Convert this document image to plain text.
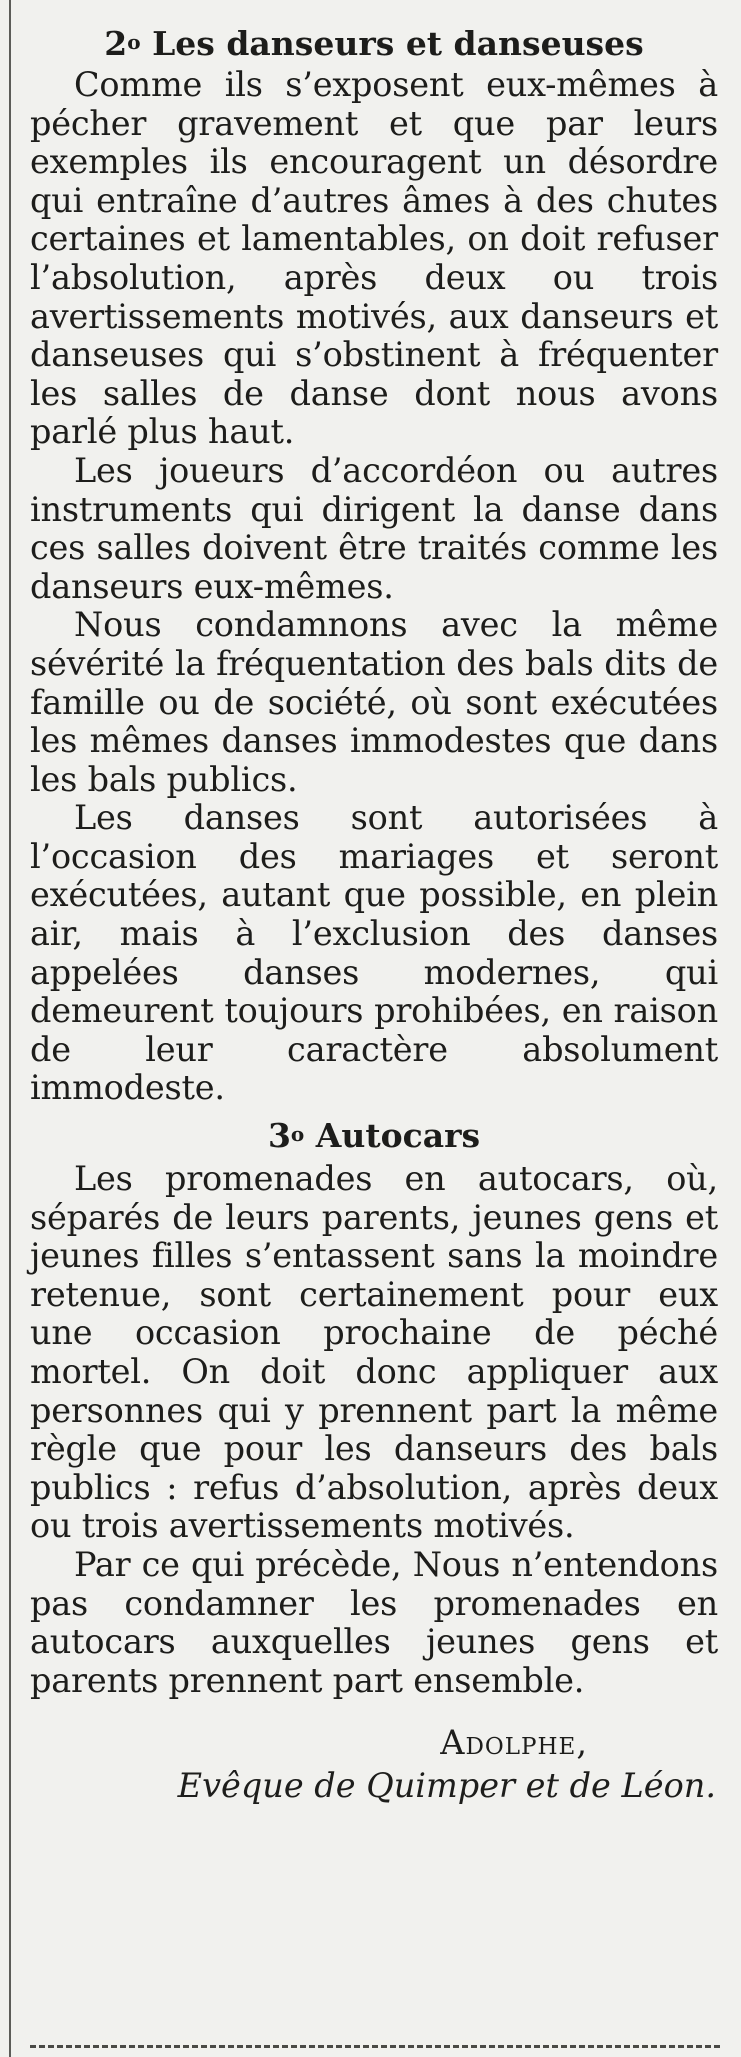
2o Les danseurs et danseuses

Comme ils s’exposent eux-mêmes à pécher gravement et que par leurs exemples ils encouragent un désordre qui entraîne d’autres âmes à des chutes certaines et lamentables, on doit refuser l’absolution, après deux ou trois avertissements motivés, aux danseurs et danseuses qui s’obstinent à fréquenter les salles de danse dont nous avons parlé plus haut.

Les joueurs d’accordéon ou autres instruments qui dirigent la danse dans ces salles doivent être traités comme les danseurs eux-mêmes.

Nous condamnons avec la même sévérité la fréquentation des bals dits de famille ou de société, où sont exécutées les mêmes danses immodestes que dans les bals publics.

Les danses sont autorisées à l’occasion des mariages et seront exécutées, autant que possible, en plein air, mais à l’exclusion des danses appelées danses modernes, qui demeurent toujours prohibées, en raison de leur caractère absolument immodeste.

3o Autocars

Les promenades en autocars, où, séparés de leurs parents, jeunes gens et jeunes filles s’entassent sans la moindre retenue, sont certainement pour eux une occasion prochaine de péché mortel. On doit donc appliquer aux personnes qui y prennent part la même règle que pour les danseurs des bals publics : refus d’absolution, après deux ou trois avertissements motivés.

Par ce qui précède, Nous n’entendons pas condamner les promenades en autocars auxquelles jeunes gens et parents prennent part ensemble.

Adolphe,
Evêque de Quimper et de Léon.
